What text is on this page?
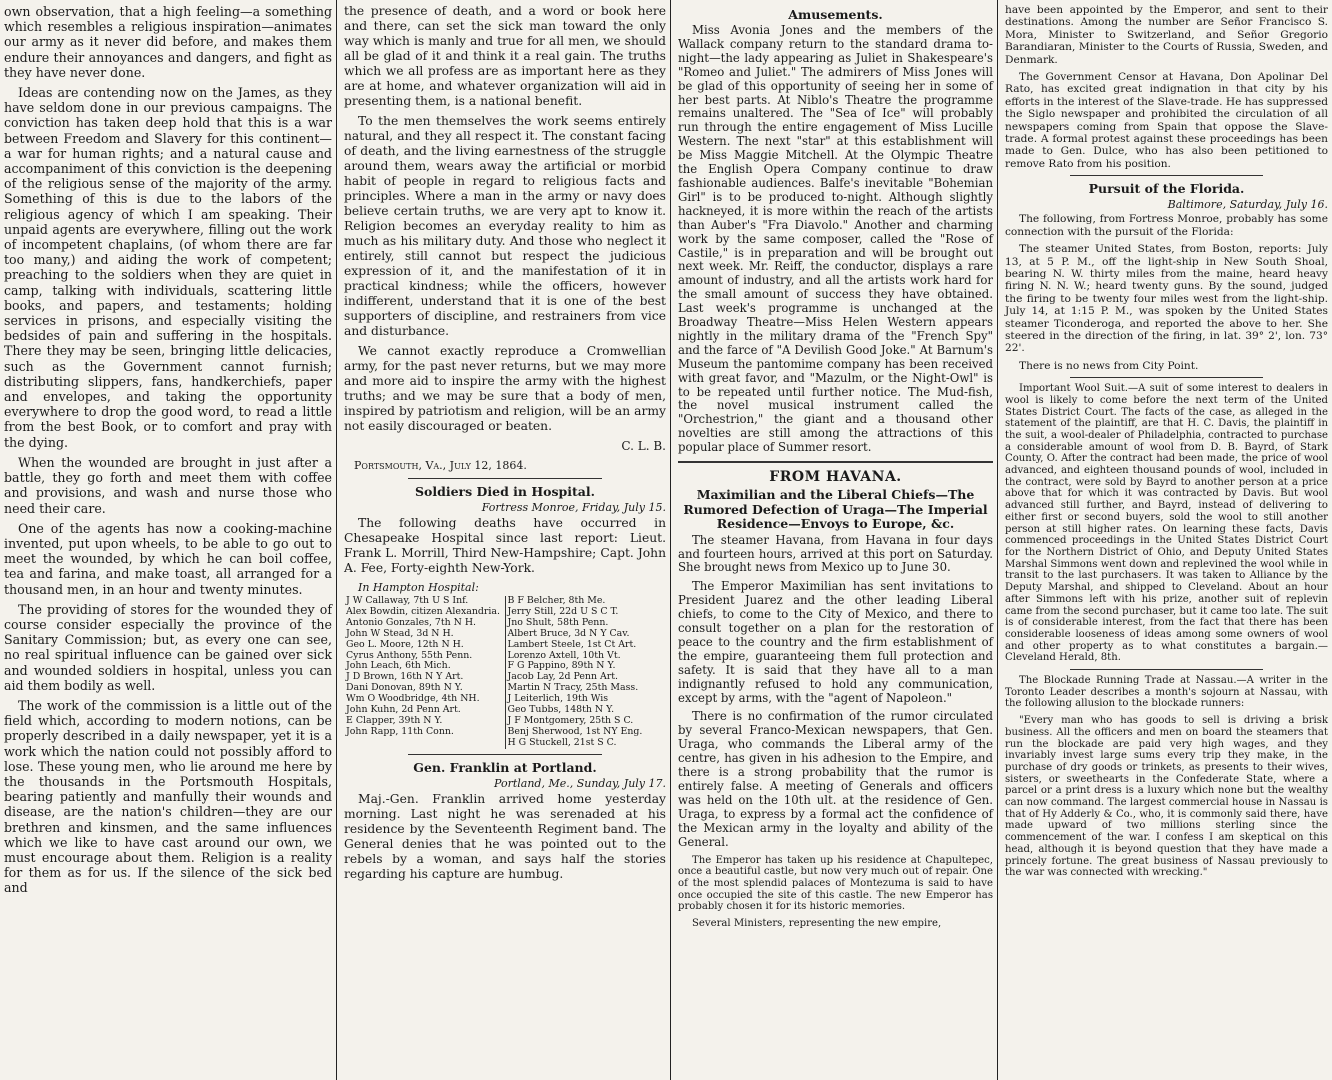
own observation, that a high feeling—a something which resembles a religious inspiration—animates our army as it never did before, and makes them endure their annoyances and dangers, and fight as they have never done.

Ideas are contending now on the James, as they have seldom done in our previous campaigns. The conviction has taken deep hold that this is a war between Freedom and Slavery for this continent—a war for human rights; and a natural cause and accompaniment of this conviction is the deepening of the religious sense of the majority of the army. Something of this is due to the labors of the religious agency of which I am speaking. Their unpaid agents are everywhere, filling out the work of incompetent chaplains, (of whom there are far too many,) and aiding the work of competent; preaching to the soldiers when they are quiet in camp, talking with individuals, scattering little books, and papers, and testaments; holding services in prisons, and especially visiting the bedsides of pain and suffering in the hospitals. There they may be seen, bringing little delicacies, such as the Government cannot furnish; distributing slippers, fans, handkerchiefs, paper and envelopes, and taking the opportunity everywhere to drop the good word, to read a little from the best Book, or to comfort and pray with the dying.

When the wounded are brought in just after a battle, they go forth and meet them with coffee and provisions, and wash and nurse those who need their care.

One of the agents has now a cooking-machine invented, put upon wheels, to be able to go out to meet the wounded, by which he can boil coffee, tea and farina, and make toast, all arranged for a thousand men, in an hour and twenty minutes.

The providing of stores for the wounded they of course consider especially the province of the Sanitary Commission; but, as every one can see, no real spiritual influence can be gained over sick and wounded soldiers in hospital, unless you can aid them bodily as well.

The work of the commission is a little out of the field which, according to modern notions, can be properly described in a daily newspaper, yet it is a work which the nation could not possibly afford to lose. These young men, who lie around me here by the thousands in the Portsmouth Hospitals, bearing patiently and manfully their wounds and disease, are the nation's children—they are our brethren and kinsmen, and the same influences which we like to have cast around our own, we must encourage about them. Religion is a reality for them as for us. If the silence of the sick bed and

the presence of death, and a word or book here and there, can set the sick man toward the only way which is manly and true for all men, we should all be glad of it and think it a real gain. The truths which we all profess are as important here as they are at home, and whatever organization will aid in presenting them, is a national benefit.

To the men themselves the work seems entirely natural, and they all respect it. The constant facing of death, and the living earnestness of the struggle around them, wears away the artificial or morbid habit of people in regard to religious facts and principles. Where a man in the army or navy does believe certain truths, we are very apt to know it. Religion becomes an everyday reality to him as much as his military duty. And those who neglect it entirely, still cannot but respect the judicious expression of it, and the manifestation of it in practical kindness; while the officers, however indifferent, understand that it is one of the best supporters of discipline, and restrainers from vice and disturbance.

We cannot exactly reproduce a Cromwellian army, for the past never returns, but we may more and more aid to inspire the army with the highest truths; and we may be sure that a body of men, inspired by patriotism and religion, will be an army not easily discouraged or beaten.

C. L. B.
Portsmouth, Va., July 12, 1864.
Soldiers Died in Hospital.
Fortress Monroe, Friday, July 15.

The following deaths have occurred in Chesapeake Hospital since last report: Lieut. Frank L. Morrill, Third New-Hampshire; Capt. John A. Fee, Forty-eighth New-York.

In Hampton Hospital:
J W Callaway, 7th U S Inf.
Alex Bowdin, citizen Alexandria.
Antonio Gonzales, 7th N H.
John W Stead, 3d N H.
Geo L. Moore, 12th N H.
Cyrus Anthony, 55th Penn.
John Leach, 6th Mich.
J D Brown, 16th N Y Art.
Dani Donovan, 89th N Y.
Wm O Woodbridge, 4th NH.
John Kuhn, 2d Penn Art.
E Clapper, 39th N Y.
John Rapp, 11th Conn.
B F Belcher, 8th Me.
Jerry Still, 22d U S C T.
Jno Shult, 58th Penn.
Albert Bruce, 3d N Y Cav.
Lambert Steele, 1st Ct Art.
Lorenzo Axtell, 10th Vt.
F G Pappino, 89th N Y.
Jacob Lay, 2d Penn Art.
Martin N Tracy, 25th Mass.
J Leiterlich, 19th Wis
Geo Tubbs, 148th N Y.
J F Montgomery, 25th S C.
Benj Sherwood, 1st NY Eng.
H G Stuckell, 21st S C.
Gen. Franklin at Portland.
Portland, Me., Sunday, July 17.

Maj.-Gen. Franklin arrived home yesterday morning. Last night he was serenaded at his residence by the Seventeenth Regiment band. The General denies that he was pointed out to the rebels by a woman, and says half the stories regarding his capture are humbug.

Amusements.

Miss Avonia Jones and the members of the Wallack company return to the standard drama to-night—the lady appearing as Juliet in Shakespeare's "Romeo and Juliet." The admirers of Miss Jones will be glad of this opportunity of seeing her in some of her best parts. At Niblo's Theatre the programme remains unaltered. The "Sea of Ice" will probably run through the entire engagement of Miss Lucille Western. The next "star" at this establishment will be Miss Maggie Mitchell. At the Olympic Theatre the English Opera Company continue to draw fashionable audiences. Balfe's inevitable "Bohemian Girl" is to be produced to-night. Although slightly hackneyed, it is more within the reach of the artists than Auber's "Fra Diavolo." Another and charming work by the same composer, called the "Rose of Castile," is in preparation and will be brought out next week. Mr. Reiff, the conductor, displays a rare amount of industry, and all the artists work hard for the small amount of success they have obtained. Last week's programme is unchanged at the Broadway Theatre—Miss Helen Western appears nightly in the military drama of the "French Spy" and the farce of "A Devilish Good Joke." At Barnum's Museum the pantomime company has been received with great favor, and "Mazulm, or the Night-Owl" is to be repeated until further notice. The Mud-fish, the novel musical instrument called the "Orchestrion," the giant and a thousand other novelties are still among the attractions of this popular place of Summer resort.

FROM HAVANA.
Maximilian and the Liberal Chiefs—The Rumored Defection of Uraga—The Imperial Residence—Envoys to Europe, &c.

The steamer Havana, from Havana in four days and fourteen hours, arrived at this port on Saturday. She brought news from Mexico up to June 30.

The Emperor Maximilian has sent invitations to President Juarez and the other leading Liberal chiefs, to come to the City of Mexico, and there to consult together on a plan for the restoration of peace to the country and the firm establishment of the empire, guaranteeing them full protection and safety. It is said that they have all to a man indignantly refused to hold any communication, except by arms, with the "agent of Napoleon."

There is no confirmation of the rumor circulated by several Franco-Mexican newspapers, that Gen. Uraga, who commands the Liberal army of the centre, has given in his adhesion to the Empire, and there is a strong probability that the rumor is entirely false. A meeting of Generals and officers was held on the 10th ult. at the residence of Gen. Uraga, to express by a formal act the confidence of the Mexican army in the loyalty and ability of the General.

The Emperor has taken up his residence at Chapultepec, once a beautiful castle, but now very much out of repair. One of the most splendid palaces of Montezuma is said to have once occupied the site of this castle. The new Emperor has probably chosen it for its historic memories.

Several Ministers, representing the new empire,

have been appointed by the Emperor, and sent to their destinations. Among the number are Señor Francisco S. Mora, Minister to Switzerland, and Señor Gregorio Barandiaran, Minister to the Courts of Russia, Sweden, and Denmark.

The Government Censor at Havana, Don Apolinar Del Rato, has excited great indignation in that city by his efforts in the interest of the Slave-trade. He has suppressed the Siglo newspaper and prohibited the circulation of all newspapers coming from Spain that oppose the Slave-trade. A formal protest against these proceedings has been made to Gen. Dulce, who has also been petitioned to remove Rato from his position.

Pursuit of the Florida.
Baltimore, Saturday, July 16.

The following, from Fortress Monroe, probably has some connection with the pursuit of the Florida:

The steamer United States, from Boston, reports: July 13, at 5 P. M., off the light-ship in New South Shoal, bearing N. W. thirty miles from the maine, heard heavy firing N. N. W.; heard twenty guns. By the sound, judged the firing to be twenty four miles west from the light-ship. July 14, at 1:15 P. M., was spoken by the United States steamer Ticonderoga, and reported the above to her. She steered in the direction of the firing, in lat. 39° 2', lon. 73° 22'.

There is no news from City Point.

Important Wool Suit.—A suit of some interest to dealers in wool is likely to come before the next term of the United States District Court. The facts of the case, as alleged in the statement of the plaintiff, are that H. C. Davis, the plaintiff in the suit, a wool-dealer of Philadelphia, contracted to purchase a considerable amount of wool from D. B. Bayrd, of Stark County, O. After the contract had been made, the price of wool advanced, and eighteen thousand pounds of wool, included in the contract, were sold by Bayrd to another person at a price above that for which it was contracted by Davis. But wool advanced still further, and Bayrd, instead of delivering to either first or second buyers, sold the wool to still another person at still higher rates. On learning these facts, Davis commenced proceedings in the United States District Court for the Northern District of Ohio, and Deputy United States Marshal Simmons went down and replevined the wool while in transit to the last purchasers. It was taken to Alliance by the Deputy Marshal, and shipped to Cleveland. About an hour after Simmons left with his prize, another suit of replevin came from the second purchaser, but it came too late. The suit is of considerable interest, from the fact that there has been considerable looseness of ideas among some owners of wool and other property as to what constitutes a bargain.—Cleveland Herald, 8th.

The Blockade Running Trade at Nassau.—A writer in the Toronto Leader describes a month's sojourn at Nassau, with the following allusion to the blockade runners:

"Every man who has goods to sell is driving a brisk business. All the officers and men on board the steamers that run the blockade are paid very high wages, and they invariably invest large sums every trip they make, in the purchase of dry goods or trinkets, as presents to their wives, sisters, or sweethearts in the Confederate State, where a parcel or a print dress is a luxury which none but the wealthy can now command. The largest commercial house in Nassau is that of Hy Adderly & Co., who, it is commonly said there, have made upward of two millions sterling since the commencement of the war. I confess I am skeptical on this head, although it is beyond question that they have made a princely fortune. The great business of Nassau previously to the war was connected with wrecking."
